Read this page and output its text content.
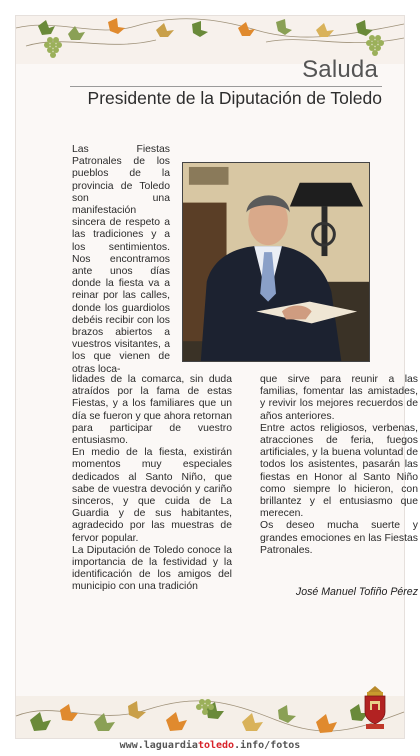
Saluda
Presidente de la Diputación de Toledo

Las Fiestas Patronales de los pueblos de la provincia de Toledo son una manifestación sincera de respeto a las tradiciones y a los sentimientos. Nos encontramos ante unos días donde la fiesta va a reinar por las calles, donde los guardiolos debéis recibir con los brazos abiertos a vuestros visitantes, a los que vienen de otras loca-

lidades de la comarca, sin duda atraídos por la fama de estas Fiestas, y a los familiares que un día se fueron y que ahora retornan para participar de vuestro entusiasmo.

En medio de la fiesta, existirán momentos muy especiales dedicados al Santo Niño, que sabe de vuestra devoción y cariño sinceros, y que cuida de La Guardia y de sus habitantes, agradecido por las muestras de fervor popular.

La Diputación de Toledo conoce la importancia de la festividad y la identificación de los amigos del municipio con una tradición

que sirve para reunir a las familias, fomentar las amistades, y revivir los mejores recuerdos de años anteriores.

Entre actos religiosos, verbenas, atracciones de feria, fuegos artificiales, y la buena voluntad de todos los asistentes, pasarán las fiestas en Honor al Santo Niño como siempre lo hicieron, con brillantez y el entusiasmo que merecen.

Os deseo mucha suerte y grandes emociones en las Fiestas Patronales.

José Manuel Tofiño Pérez
www.laguardiatoledo.info/fotos
